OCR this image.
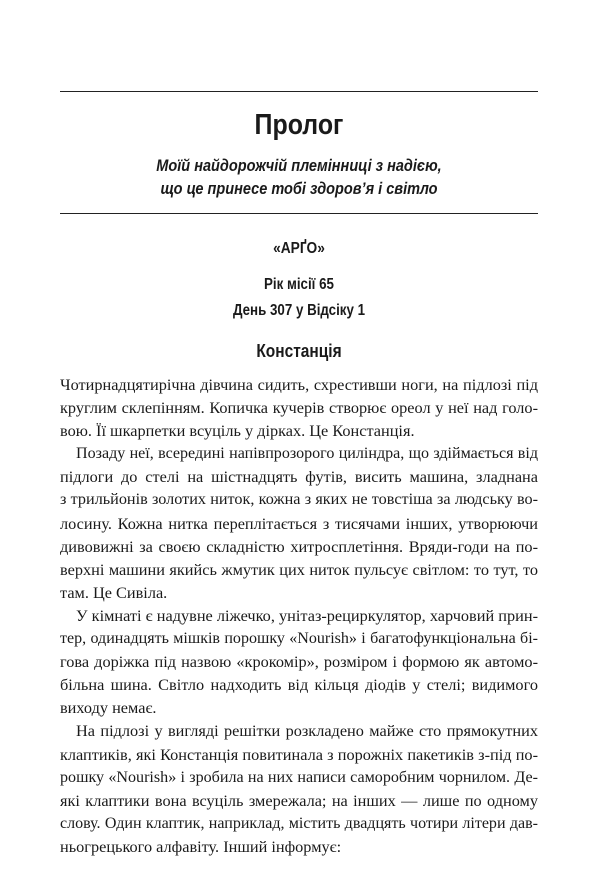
Пролог
Моїй найдорожчій племінниці з надією,
що це принесе тобі здоров’я і світло
«АРҐО»
Рік місії 65
День 307 у Відсіку 1
Констанція
Чотирнадцятирічна дівчина сидить, схрестивши ноги, на підлозі під
круглим склепінням. Копичка кучерів створює ореол у неї над голо-
вою. Її шкарпетки всуціль у дірках. Це Констанція.
Позаду неї, всередині напівпрозорого циліндра, що здіймається від
підлоги до стелі на шістнадцять футів, висить машина, зладнана
з трильйонів золотих ниток, кожна з яких не товстіша за людську во-
лосину. Кожна нитка переплітається з тисячами інших, утворюючи
дивовижні за своєю складністю хитросплетіння. Вряди-годи на по-
верхні машини якийсь жмутик цих ниток пульсує світлом: то тут, то
там. Це Сивіла.
У кімнаті є надувне ліжечко, унітаз-рециркулятор, харчовий прин-
тер, одинадцять мішків порошку «Nourish» і багатофункціональна бі-
гова доріжка під назвою «крокомір», розміром і формою як автомо-
більна шина. Світло надходить від кільця діодів у стелі; видимого
виходу немає.
На підлозі у вигляді решітки розкладено майже сто прямокутних
клаптиків, які Констанція повитинала з порожніх пакетиків з-під по-
рошку «Nourish» і зробила на них написи саморобним чорнилом. Де-
які клаптики вона всуціль змережала; на інших — лише по одному
слову. Один клаптик, наприклад, містить двадцять чотири літери дав-
ньогрецького алфавіту. Інший інформує:
